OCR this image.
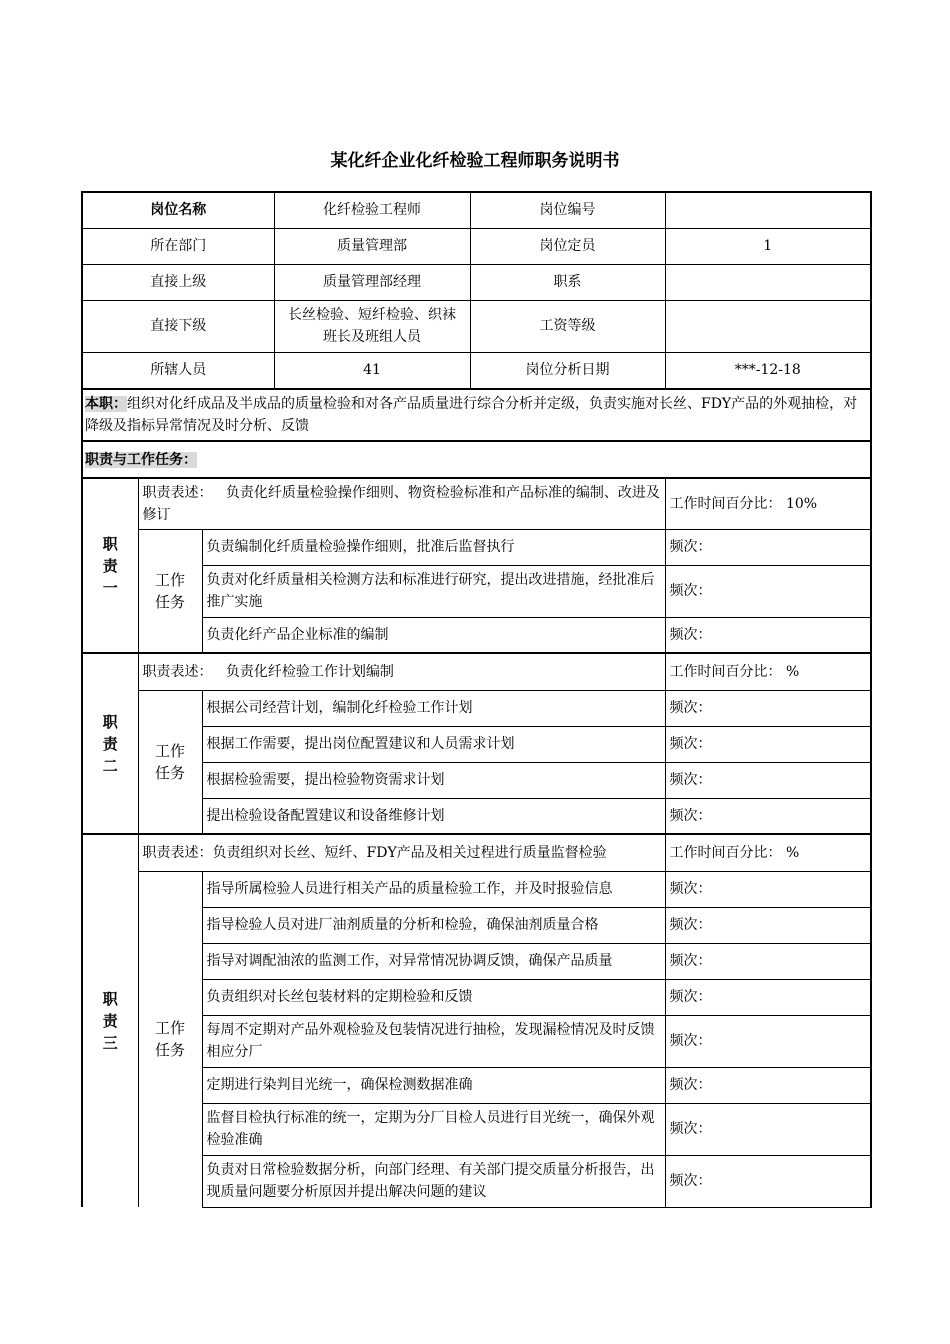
某化纤企业化纤检验工程师职务说明书
岗位名称			化纤检验工程师	岗位编号	
所在部门			质量管理部	岗位定员	1
直接上级			质量管理部经理	职系	
直接下级			长丝检验、短纤检验、织袜班长及班组人员	工资等级	
所辖人员			41	岗位分析日期	***-12-18
本职：组织对化纤成品及半成品的质量检验和对各产品质量进行综合分析并定级，负责实施对长丝、FDY产品的外观抽检，对降级及指标异常情况及时分析、反馈					
职责与工作任务：					
职责一	职责表述： 负责化纤质量检验操作细则、物资检验标准和产品标准的编制、改进及修订				工作时间百分比： 10%
	工作任务	负责编制化纤质量检验操作细则，批准后监督执行			频次：
		负责对化纤质量相关检测方法和标准进行研究，提出改进措施，经批准后推广实施			频次：
		负责化纤产品企业标准的编制			频次：
职责二	职责表述： 负责化纤检验工作计划编制				工作时间百分比： %
	工作任务	根据公司经营计划，编制化纤检验工作计划			频次：
		根据工作需要，提出岗位配置建议和人员需求计划			频次：
		根据检验需要，提出检验物资需求计划			频次：
		提出检验设备配置建议和设备维修计划			频次：
职责三	职责表述：负责组织对长丝、短纤、FDY产品及相关过程进行质量监督检验				工作时间百分比： %
	工作任务	指导所属检验人员进行相关产品的质量检验工作，并及时报验信息			频次：
		指导检验人员对进厂油剂质量的分析和检验，确保油剂质量合格			频次：
		指导对调配油浓的监测工作，对异常情况协调反馈，确保产品质量			频次：
		负责组织对长丝包装材料的定期检验和反馈			频次：
		每周不定期对产品外观检验及包装情况进行抽检，发现漏检情况及时反馈相应分厂			频次：
		定期进行染判目光统一，确保检测数据准确			频次：
		监督目检执行标准的统一，定期为分厂目检人员进行目光统一，确保外观检验准确			频次：
		负责对日常检验数据分析，向部门经理、有关部门提交质量分析报告，出现质量问题要分析原因并提出解决问题的建议			频次：
